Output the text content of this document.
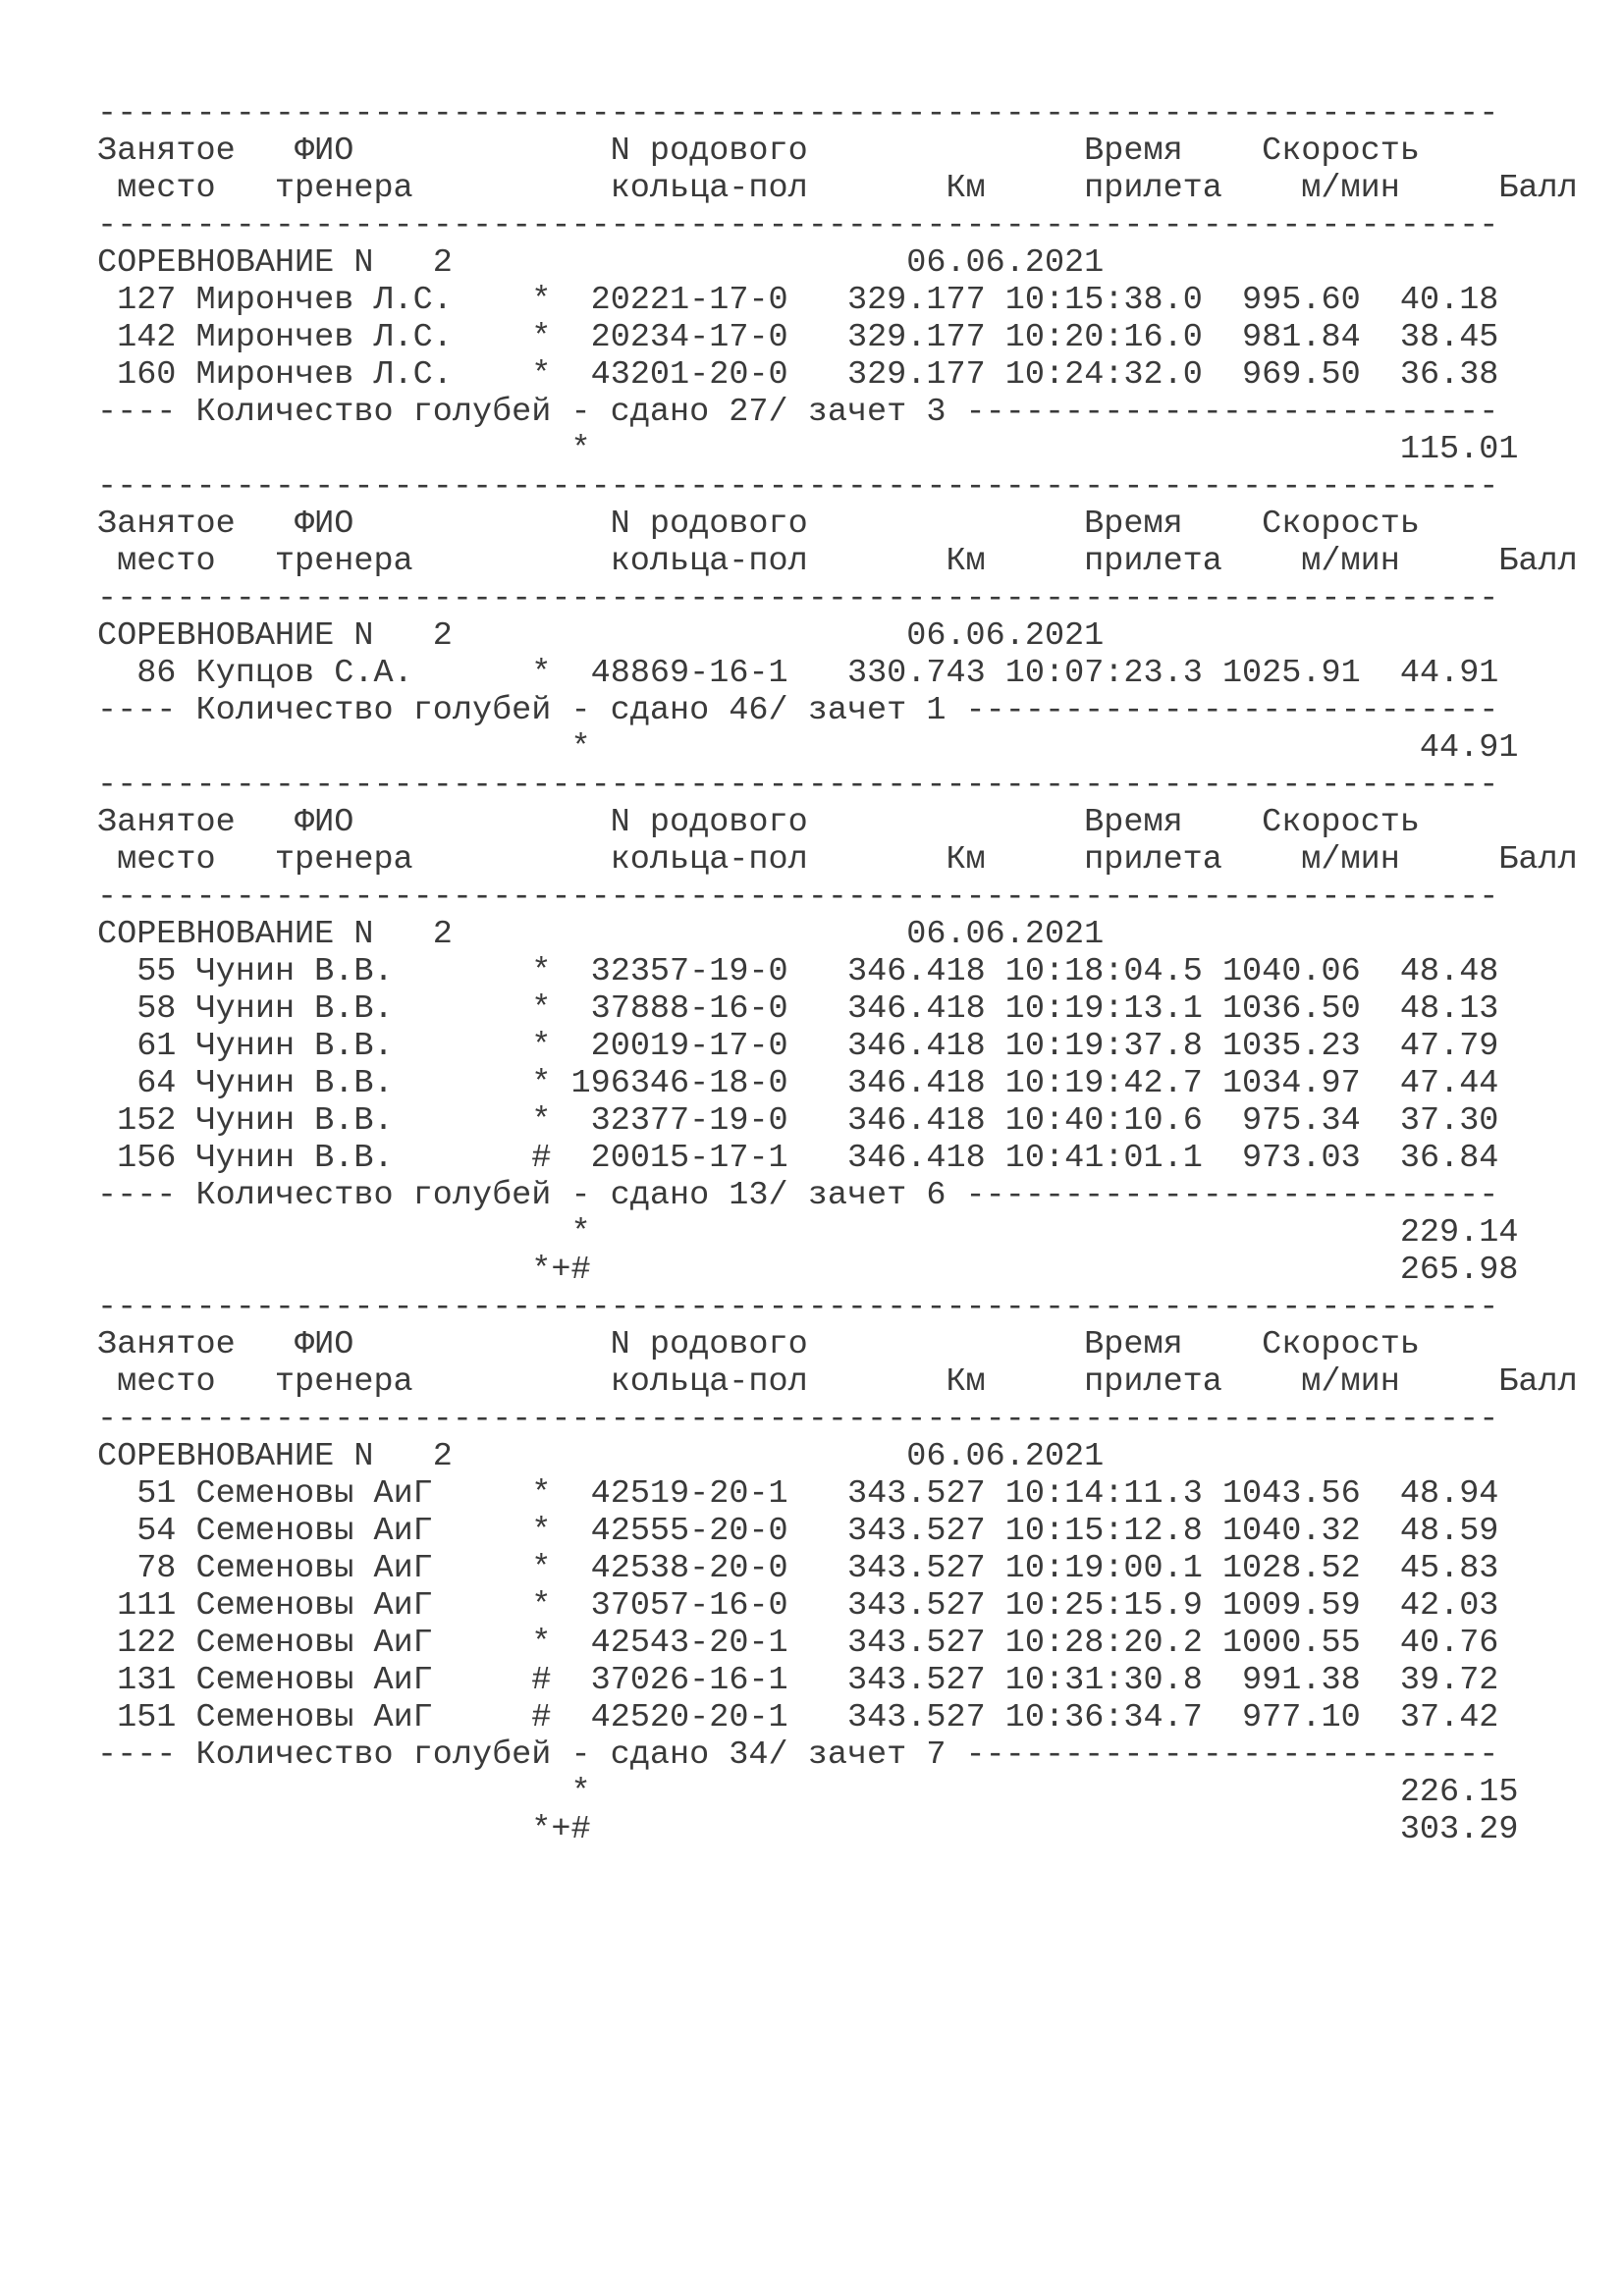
-----------------------------------------------------------------------
Занятое   ФИО             N родового              Время    Скорость
место   тренера          кольца-пол       Км     прилета    м/мин     Балл
-----------------------------------------------------------------------
СОРЕВНОВАНИЕ N   2                       06.06.2021
127 Мирончев Л.С.    *  20221-17-0   329.177 10:15:38.0  995.60  40.18
142 Мирончев Л.С.    *  20234-17-0   329.177 10:20:16.0  981.84  38.45
160 Мирончев Л.С.    *  43201-20-0   329.177 10:24:32.0  969.50  36.38
---- Количество голубей - сдано 27/ зачет 3 ---------------------------
*                                         115.01
-----------------------------------------------------------------------
Занятое   ФИО             N родового              Время    Скорость
место   тренера          кольца-пол       Км     прилета    м/мин     Балл
-----------------------------------------------------------------------
СОРЕВНОВАНИЕ N   2                       06.06.2021
86 Купцов С.А.      *  48869-16-1   330.743 10:07:23.3 1025.91  44.91
---- Количество голубей - сдано 46/ зачет 1 ---------------------------
*                                          44.91
-----------------------------------------------------------------------
Занятое   ФИО             N родового              Время    Скорость
место   тренера          кольца-пол       Км     прилета    м/мин     Балл
-----------------------------------------------------------------------
СОРЕВНОВАНИЕ N   2                       06.06.2021
55 Чунин В.В.       *  32357-19-0   346.418 10:18:04.5 1040.06  48.48
58 Чунин В.В.       *  37888-16-0   346.418 10:19:13.1 1036.50  48.13
61 Чунин В.В.       *  20019-17-0   346.418 10:19:37.8 1035.23  47.79
64 Чунин В.В.       * 196346-18-0   346.418 10:19:42.7 1034.97  47.44
152 Чунин В.В.       *  32377-19-0   346.418 10:40:10.6  975.34  37.30
156 Чунин В.В.       #  20015-17-1   346.418 10:41:01.1  973.03  36.84
---- Количество голубей - сдано 13/ зачет 6 ---------------------------
*                                         229.14
*+#                                         265.98
-----------------------------------------------------------------------
Занятое   ФИО             N родового              Время    Скорость
место   тренера          кольца-пол       Км     прилета    м/мин     Балл
-----------------------------------------------------------------------
СОРЕВНОВАНИЕ N   2                       06.06.2021
51 Семеновы АиГ     *  42519-20-1   343.527 10:14:11.3 1043.56  48.94
54 Семеновы АиГ     *  42555-20-0   343.527 10:15:12.8 1040.32  48.59
78 Семеновы АиГ     *  42538-20-0   343.527 10:19:00.1 1028.52  45.83
111 Семеновы АиГ     *  37057-16-0   343.527 10:25:15.9 1009.59  42.03
122 Семеновы АиГ     *  42543-20-1   343.527 10:28:20.2 1000.55  40.76
131 Семеновы АиГ     #  37026-16-1   343.527 10:31:30.8  991.38  39.72
151 Семеновы АиГ     #  42520-20-1   343.527 10:36:34.7  977.10  37.42
---- Количество голубей - сдано 34/ зачет 7 ---------------------------
*                                         226.15
*+#                                         303.29
